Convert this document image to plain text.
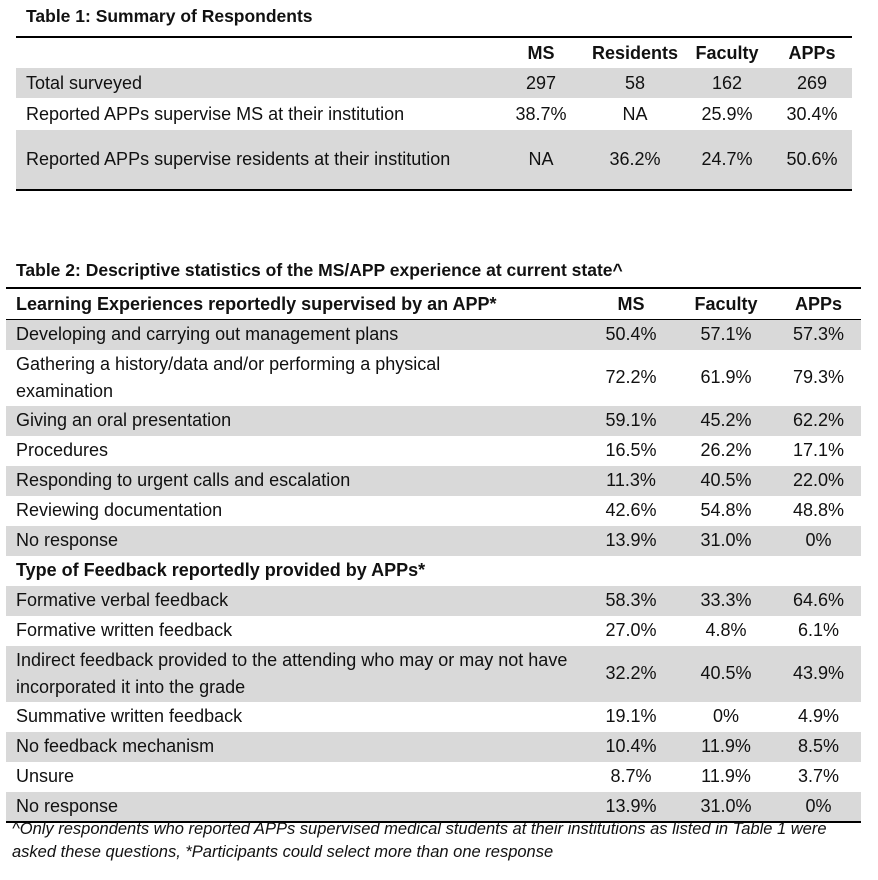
Table 1: Summary of Respondents
	MS	Residents	Faculty	APPs
Total surveyed	297	58	162	269
Reported APPs supervise MS at their institution	38.7%	NA	25.9%	30.4%
Reported APPs supervise residents at their institution	NA	36.2%	24.7%	50.6%
Table 2: Descriptive statistics of the MS/APP experience at current state^
Learning Experiences reportedly supervised by an APP*	MS	Faculty	APPs
Developing and carrying out management plans	50.4%	57.1%	57.3%
Gathering a history/data and/or performing a physical examination	72.2%	61.9%	79.3%
Giving an oral presentation	59.1%	45.2%	62.2%
Procedures	16.5%	26.2%	17.1%
Responding to urgent calls and escalation	11.3%	40.5%	22.0%
Reviewing documentation	42.6%	54.8%	48.8%
No response	13.9%	31.0%	0%
Type of Feedback reportedly provided by APPs*			
Formative verbal feedback	58.3%	33.3%	64.6%
Formative written feedback	27.0%	4.8%	6.1%
Indirect feedback provided to the attending who may or may not have incorporated it into the grade	32.2%	40.5%	43.9%
Summative written feedback	19.1%	0%	4.9%
No feedback mechanism	10.4%	11.9%	8.5%
Unsure	8.7%	11.9%	3.7%
No response	13.9%	31.0%	0%
^Only respondents who reported APPs supervised medical students at their institutions as listed in Table 1 were asked these questions, *Participants could select more than one response
